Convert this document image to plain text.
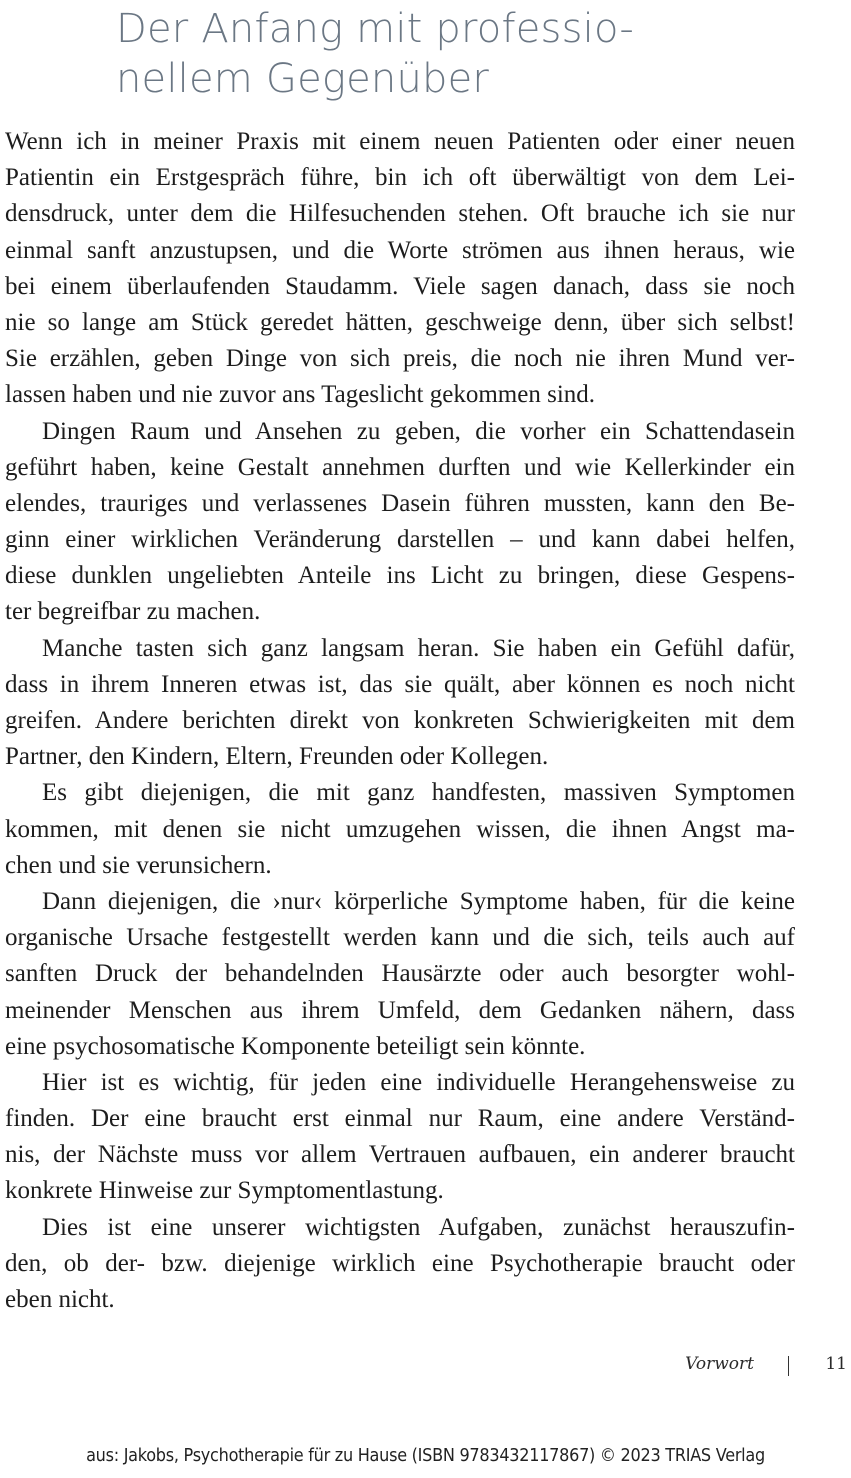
Der Anfang mit professio-
nellem Gegenüber

Wenn ich in meiner Praxis mit einem neuen Patienten oder einer neuen
Patientin ein Erstgespräch führe, bin ich oft überwältigt von dem Lei-
densdruck, unter dem die Hilfesuchenden stehen. Oft brauche ich sie nur
einmal sanft anzustupsen, und die Worte strömen aus ihnen heraus, wie
bei einem überlaufenden Staudamm. Viele sagen danach, dass sie noch
nie so lange am Stück geredet hätten, geschweige denn, über sich selbst!
Sie erzählen, geben Dinge von sich preis, die noch nie ihren Mund ver-
lassen haben und nie zuvor ans Tageslicht gekommen sind.

Dingen Raum und Ansehen zu geben, die vorher ein Schattendasein
geführt haben, keine Gestalt annehmen durften und wie Kellerkinder ein
elendes, trauriges und verlassenes Dasein führen mussten, kann den Be-
ginn einer wirklichen Veränderung darstellen – und kann dabei helfen,
diese dunklen ungeliebten Anteile ins Licht zu bringen, diese Gespens-
ter begreifbar zu machen.

Manche tasten sich ganz langsam heran. Sie haben ein Gefühl dafür,
dass in ihrem Inneren etwas ist, das sie quält, aber können es noch nicht
greifen. Andere berichten direkt von konkreten Schwierigkeiten mit dem
Partner, den Kindern, Eltern, Freunden oder Kollegen.

Es gibt diejenigen, die mit ganz handfesten, massiven Symptomen
kommen, mit denen sie nicht umzugehen wissen, die ihnen Angst ma-
chen und sie verunsichern.

Dann diejenigen, die ›nur‹ körperliche Symptome haben, für die keine
organische Ursache festgestellt werden kann und die sich, teils auch auf
sanften Druck der behandelnden Hausärzte oder auch besorgter wohl-
meinender Menschen aus ihrem Umfeld, dem Gedanken nähern, dass
eine psychosomatische Komponente beteiligt sein könnte.

Hier ist es wichtig, für jeden eine individuelle Herangehensweise zu
finden. Der eine braucht erst einmal nur Raum, eine andere Verständ-
nis, der Nächste muss vor allem Vertrauen aufbauen, ein anderer braucht
konkrete Hinweise zur Symptomentlastung.

Dies ist eine unserer wichtigsten Aufgaben, zunächst herauszufin-
den, ob der- bzw. diejenige wirklich eine Psychotherapie braucht oder
eben nicht.

Vorwort	11
aus: Jakobs, Psychotherapie für zu Hause (ISBN 9783432117867) © 2023 TRIAS Verlag
